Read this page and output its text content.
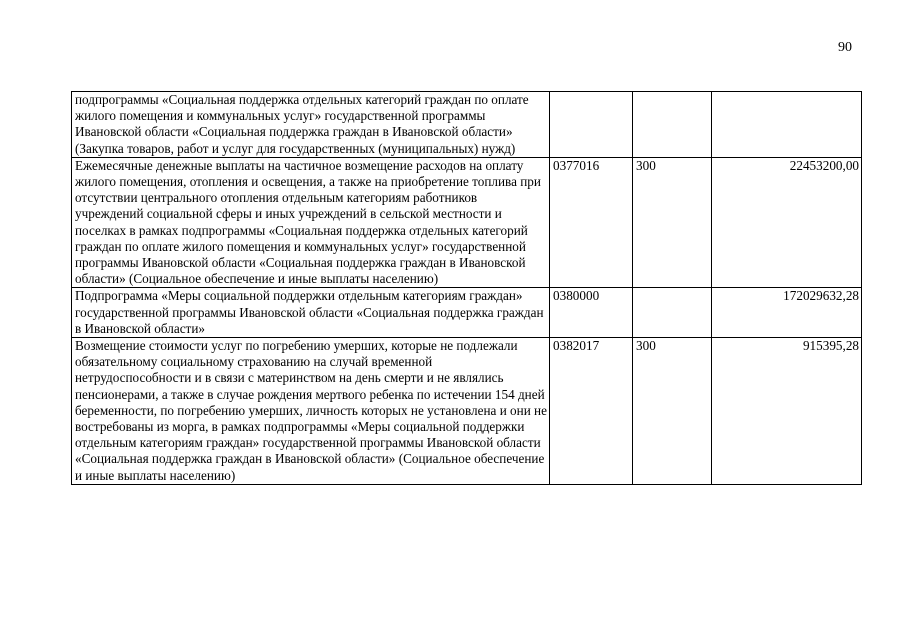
90
подпрограммы «Социальная поддержка отдельных категорий граждан по оплате жилого помещения и коммунальных услуг» государственной программы Ивановской области «Социальная поддержка граждан в Ивановской области» (Закупка товаров, работ и услуг для государственных (муниципальных) нужд)			
Ежемесячные денежные выплаты на частичное возмещение расходов на оплату жилого помещения, отопления и освещения, а также на приобретение топлива при отсутствии центрального отопления отдельным категориям работников учреждений социальной сферы и иных учреждений в сельской местности и поселках в рамках подпрограммы «Социальная поддержка отдельных категорий граждан по оплате жилого помещения и коммунальных услуг» государственной программы Ивановской области «Социальная поддержка граждан в Ивановской области» (Социальное обеспечение и иные выплаты населению)	0377016	300	22453200,00
Подпрограмма «Меры социальной поддержки отдельным категориям граждан» государственной программы Ивановской области «Социальная поддержка граждан в Ивановской области»	0380000		172029632,28
Возмещение стоимости услуг по погребению умерших, которые не подлежали обязательному социальному страхованию на случай временной нетрудоспособности и в связи с материнством на день смерти и не являлись пенсионерами, а также в случае рождения мертвого ребенка по истечении 154 дней беременности, по погребению умерших, личность которых не установлена и они не востребованы из морга, в рамках подпрограммы «Меры социальной поддержки отдельным категориям граждан» государственной программы Ивановской области «Социальная поддержка граждан в Ивановской области» (Социальное обеспечение и иные выплаты населению)	0382017	300	915395,28
